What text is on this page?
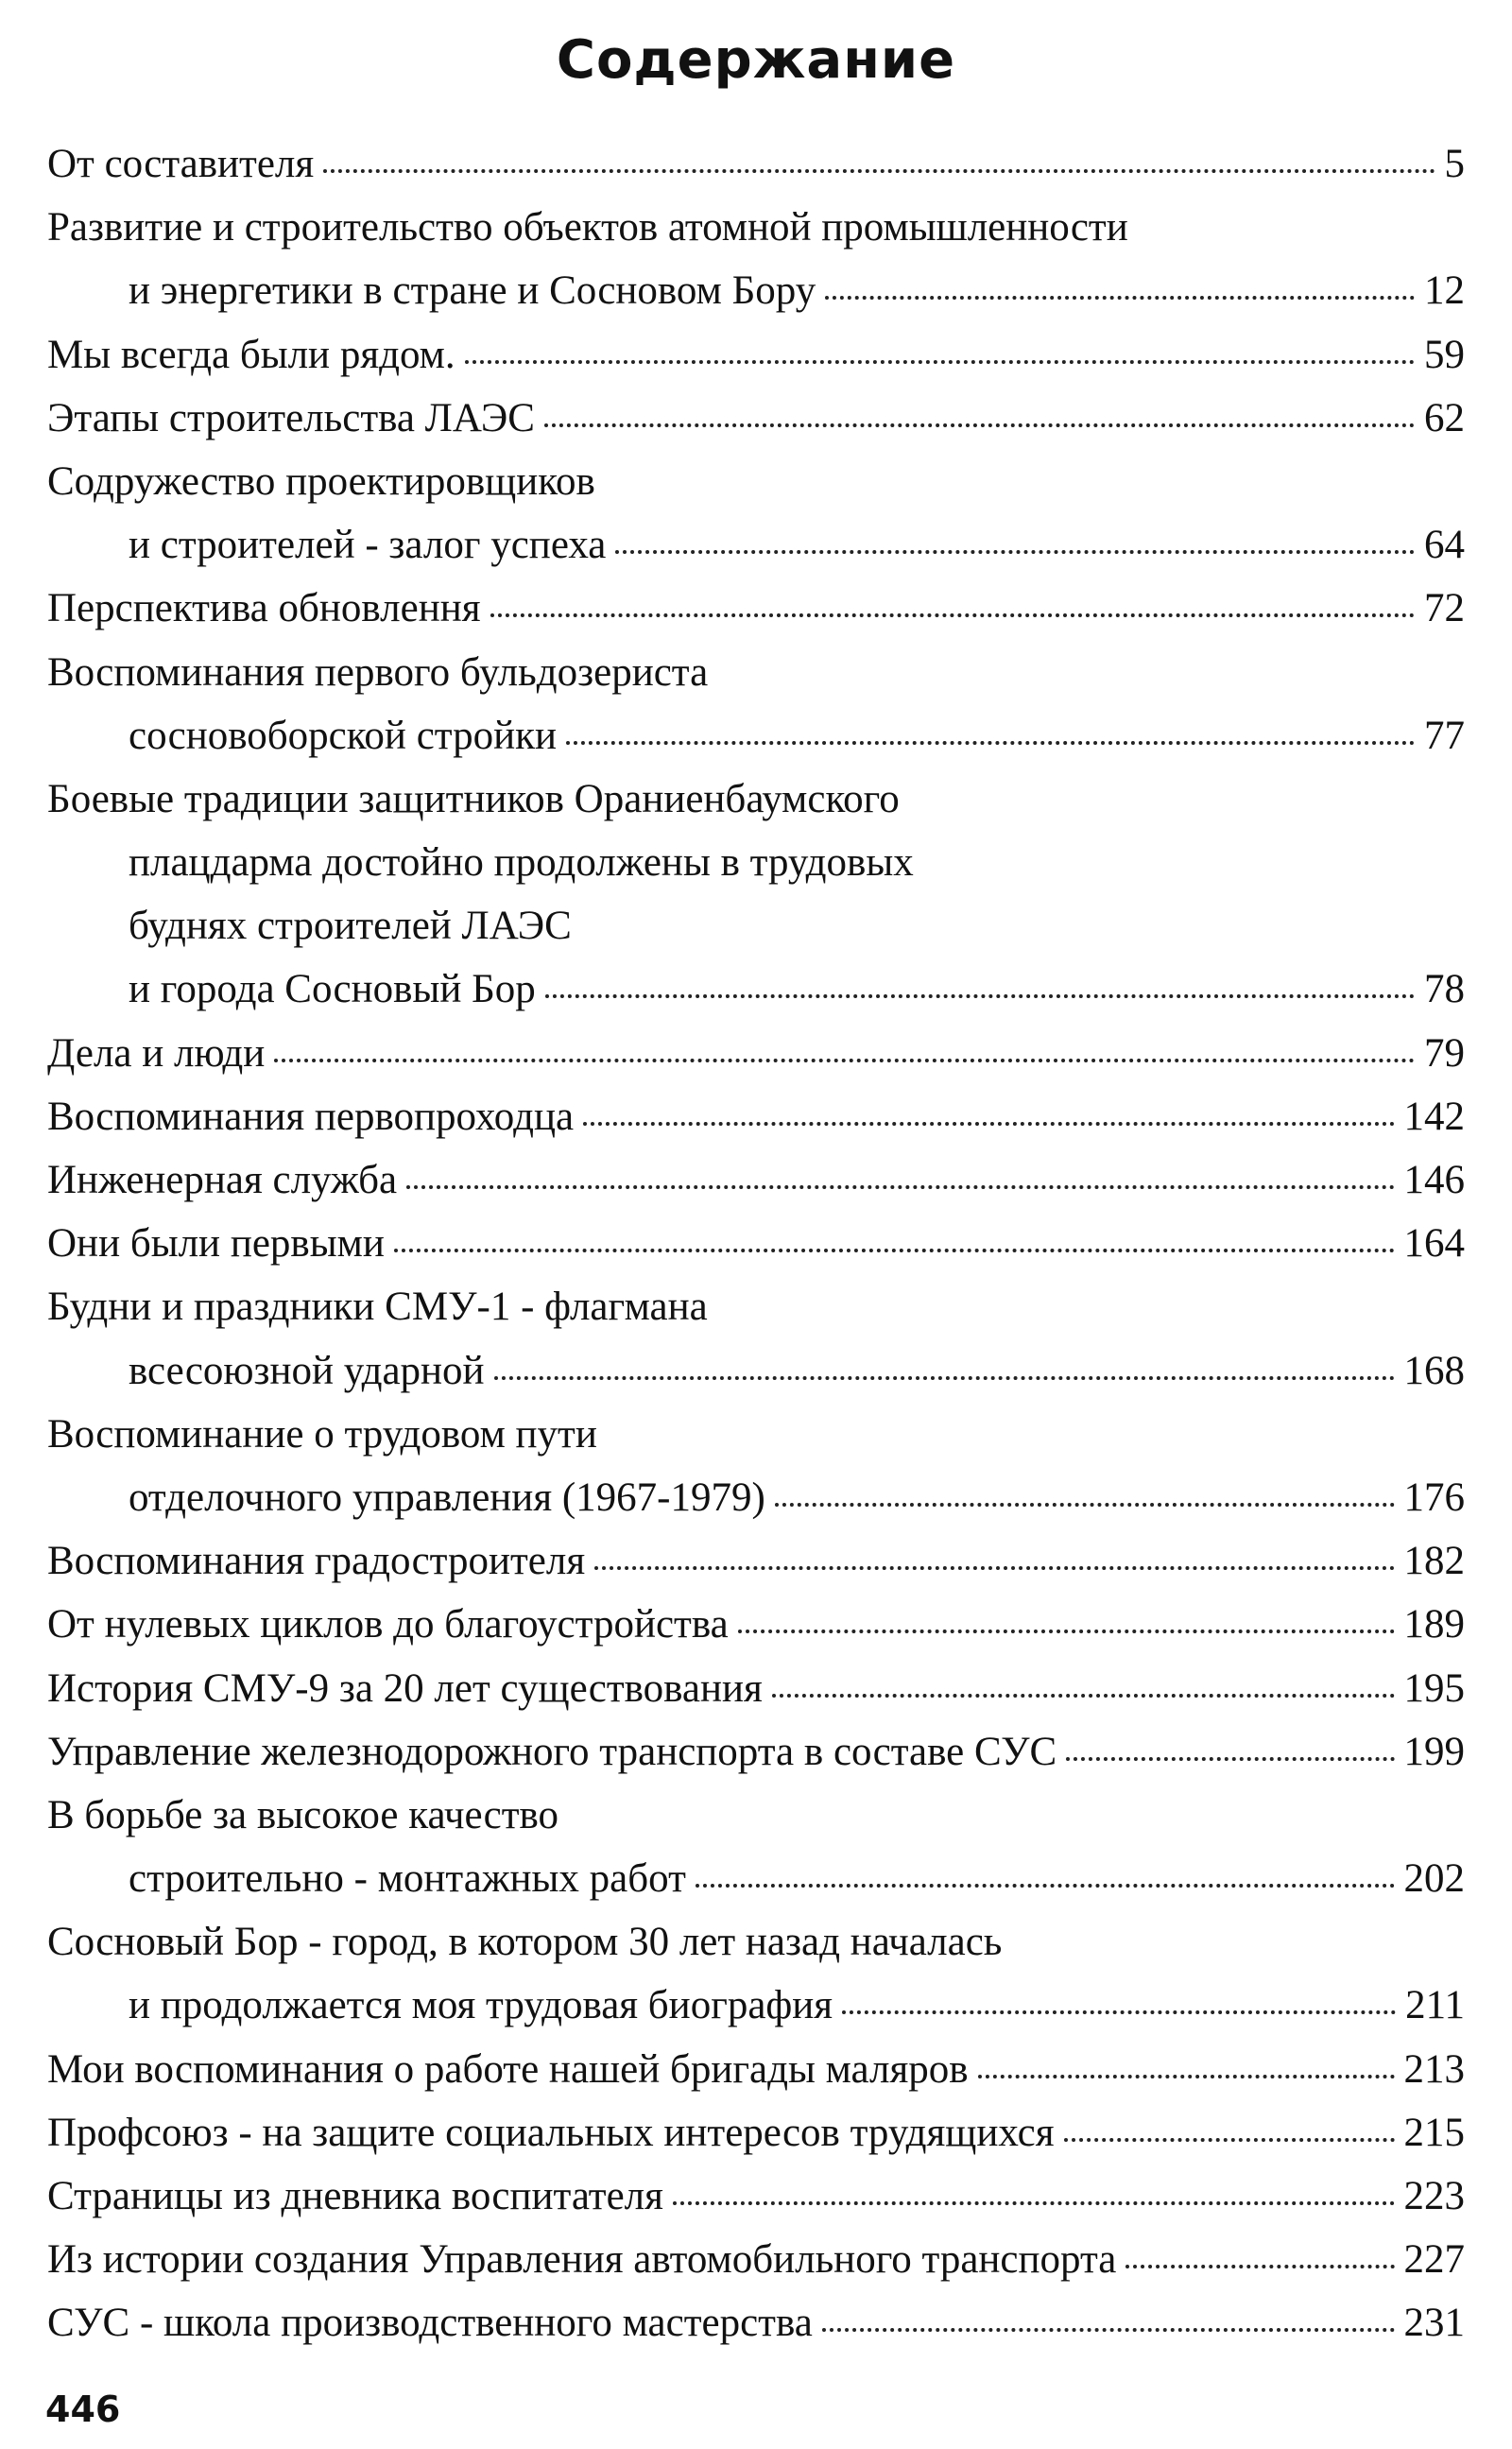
Содержание
От составителя	5
Развитие и строительство объектов атомной промышленности
и энергетики в стране и Сосновом Бору	12
Мы всегда были рядом.	59
Этапы строительства ЛАЭС	62
Содружество проектировщиков
и строителей - залог успеха	64
Перспектива обновлення	72
Воспоминания первого бульдозериста
сосновоборской стройки	77
Боевые традиции защитников Ораниенбаумского
плацдарма достойно продолжены в трудовых
буднях строителей ЛАЭС
и города Сосновый Бор	78
Дела и люди	79
Воспоминания первопроходца	142
Инженерная служба	146
Они были первыми	164
Будни и праздники СМУ-1 - флагмана
всесоюзной ударной	168
Воспоминание о трудовом пути
отделочного управления (1967-1979)	176
Воспоминания градостроителя	182
От нулевых циклов до благоустройства	189
История СМУ-9 за 20 лет существования	195
Управление железнодорожного транспорта в составе СУС	199
В борьбе за высокое качество
строительно - монтажных работ	202
Сосновый Бор - город, в котором 30 лет назад началась
и продолжается моя трудовая биография	211
Мои воспоминания о работе нашей бригады маляров	213
Профсоюз - на защите социальных интересов трудящихся	215
Страницы из дневника воспитателя	223
Из истории создания Управления автомобильного транспорта	227
СУС - школа производственного мастерства	231
446
